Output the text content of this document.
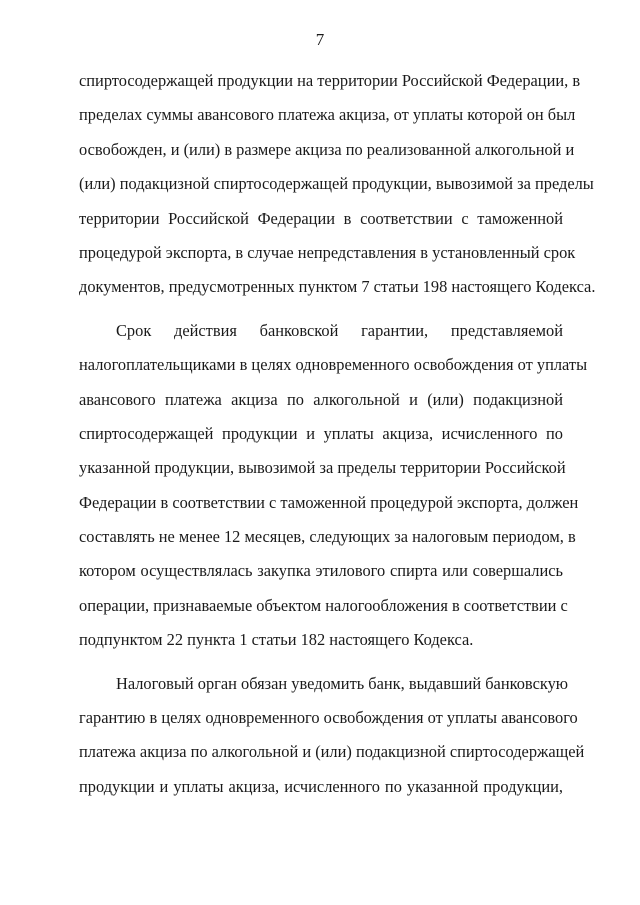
7
спиртосодержащей продукции на территории Российской Федерации, в
пределах суммы авансового платежа акциза, от уплаты которой он был
освобожден, и (или) в размере акциза по реализованной алкогольной и
(или) подакцизной спиртосодержащей продукции, вывозимой за пределы
территории Российской Федерации в соответствии с таможенной
процедурой экспорта, в случае непредставления в установленный срок
документов, предусмотренных пунктом 7 статьи 198 настоящего Кодекса.
Срок действия банковской гарантии, представляемой
налогоплательщиками в целях одновременного освобождения от уплаты
авансового платежа акциза по алкогольной и (или) подакцизной
спиртосодержащей продукции и уплаты акциза, исчисленного по
указанной продукции, вывозимой за пределы территории Российской
Федерации в соответствии с таможенной процедурой экспорта, должен
составлять не менее 12 месяцев, следующих за налоговым периодом, в
котором осуществлялась закупка этилового спирта или совершались
операции, признаваемые объектом налогообложения в соответствии с
подпунктом 22 пункта 1 статьи 182 настоящего Кодекса.
Налоговый орган обязан уведомить банк, выдавший банковскую
гарантию в целях одновременного освобождения от уплаты авансового
платежа акциза по алкогольной и (или) подакцизной спиртосодержащей
продукции и уплаты акциза, исчисленного по указанной продукции,
